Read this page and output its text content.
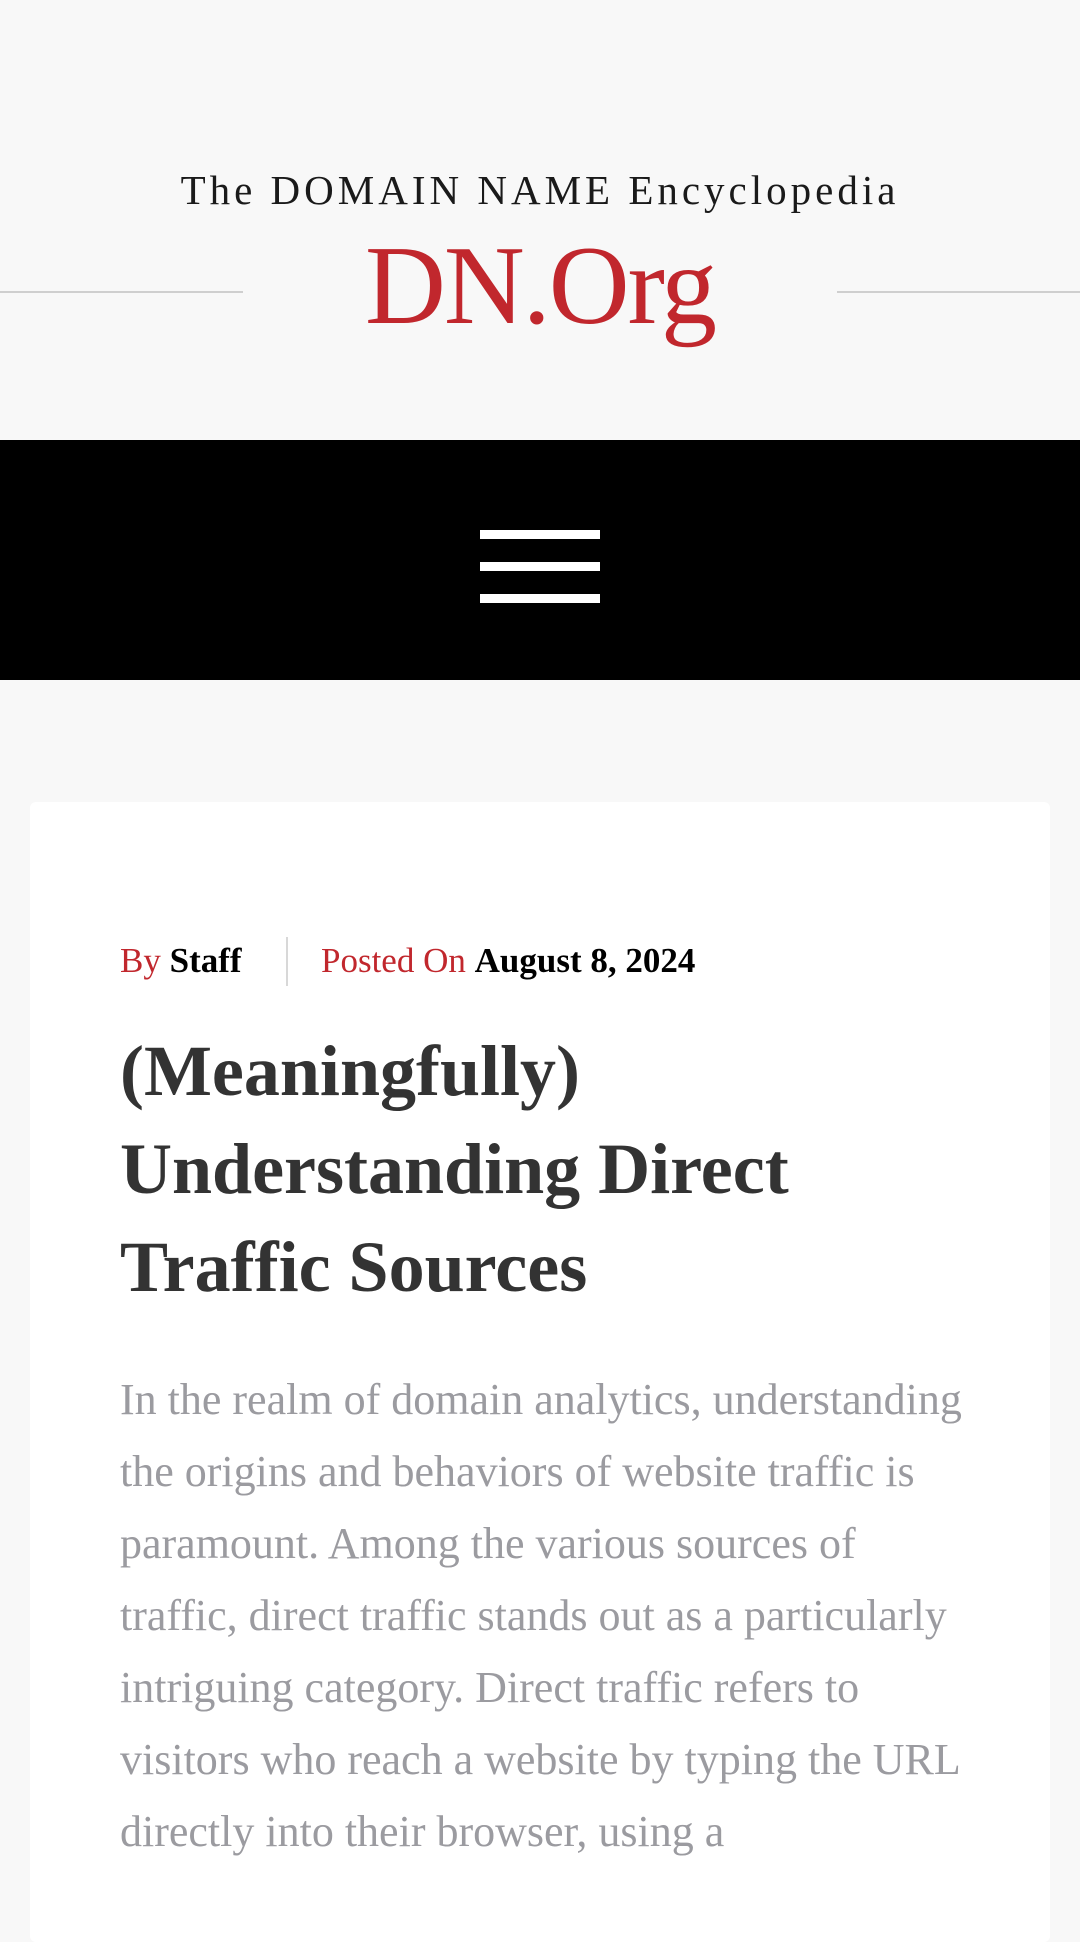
The DOMAIN NAME Encyclopedia
DN.Org
By Staff Posted On August 8, 2024
(Meaningfully) Understanding Direct Traffic Sources

In the realm of domain analytics, understanding the origins and behaviors of website traffic is paramount. Among the various sources of traffic, direct traffic stands out as a particularly intriguing category. Direct traffic refers to visitors who reach a website by typing the URL directly into their browser, using a
